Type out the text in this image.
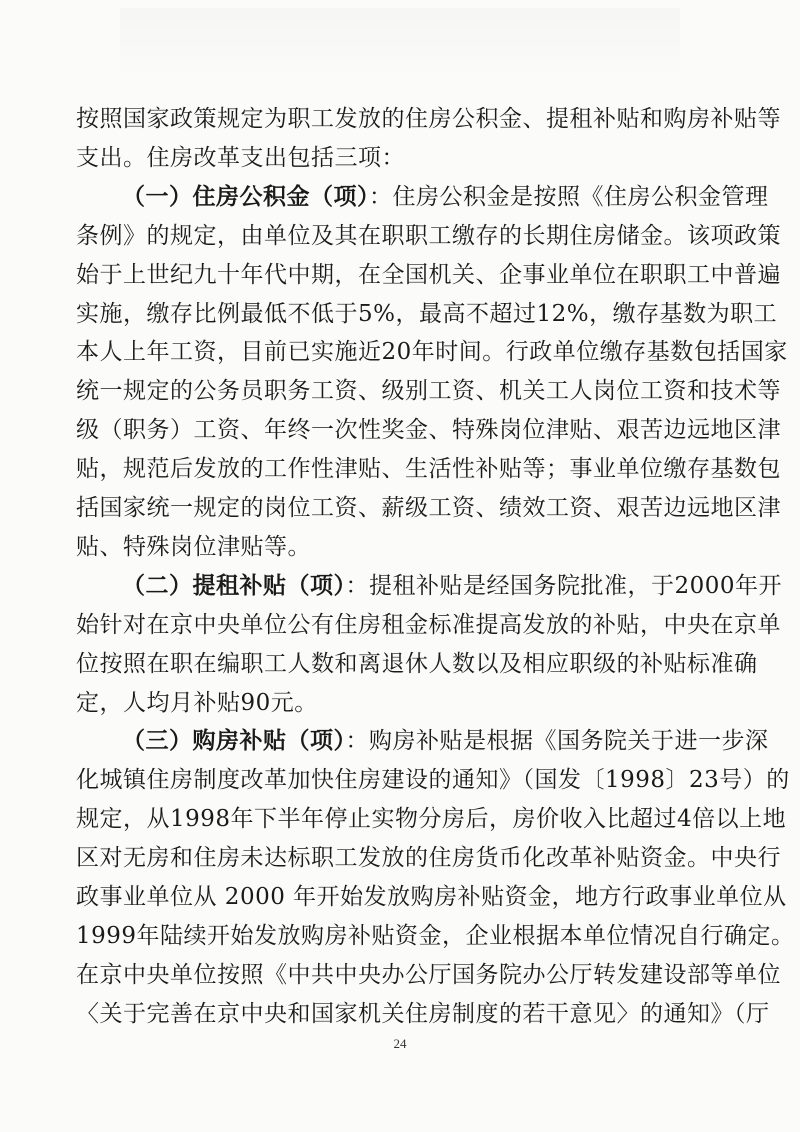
按照国家政策规定为职工发放的住房公积金、提租补贴和购房补贴等
支出。住房改革支出包括三项：
（一）住房公积金（项）：住房公积金是按照《住房公积金管理
条例》的规定，由单位及其在职职工缴存的长期住房储金。该项政策
始于上世纪九十年代中期，在全国机关、企事业单位在职职工中普遍
实施，缴存比例最低不低于5%，最高不超过12%，缴存基数为职工
本人上年工资，目前已实施近20年时间。行政单位缴存基数包括国家
统一规定的公务员职务工资、级别工资、机关工人岗位工资和技术等
级（职务）工资、年终一次性奖金、特殊岗位津贴、艰苦边远地区津
贴，规范后发放的工作性津贴、生活性补贴等；事业单位缴存基数包
括国家统一规定的岗位工资、薪级工资、绩效工资、艰苦边远地区津
贴、特殊岗位津贴等。
（二）提租补贴（项）：提租补贴是经国务院批准，于2000年开
始针对在京中央单位公有住房租金标准提高发放的补贴，中央在京单
位按照在职在编职工人数和离退休人数以及相应职级的补贴标准确
定，人均月补贴90元。
（三）购房补贴（项）：购房补贴是根据《国务院关于进一步深
化城镇住房制度改革加快住房建设的通知》（国发〔1998〕23号）的
规定，从1998年下半年停止实物分房后，房价收入比超过4倍以上地
区对无房和住房未达标职工发放的住房货币化改革补贴资金。中央行
政事业单位从 2000 年开始发放购房补贴资金，地方行政事业单位从
1999年陆续开始发放购房补贴资金，企业根据本单位情况自行确定。
在京中央单位按照《中共中央办公厅国务院办公厅转发建设部等单位
〈关于完善在京中央和国家机关住房制度的若干意见〉的通知》（厅
24
